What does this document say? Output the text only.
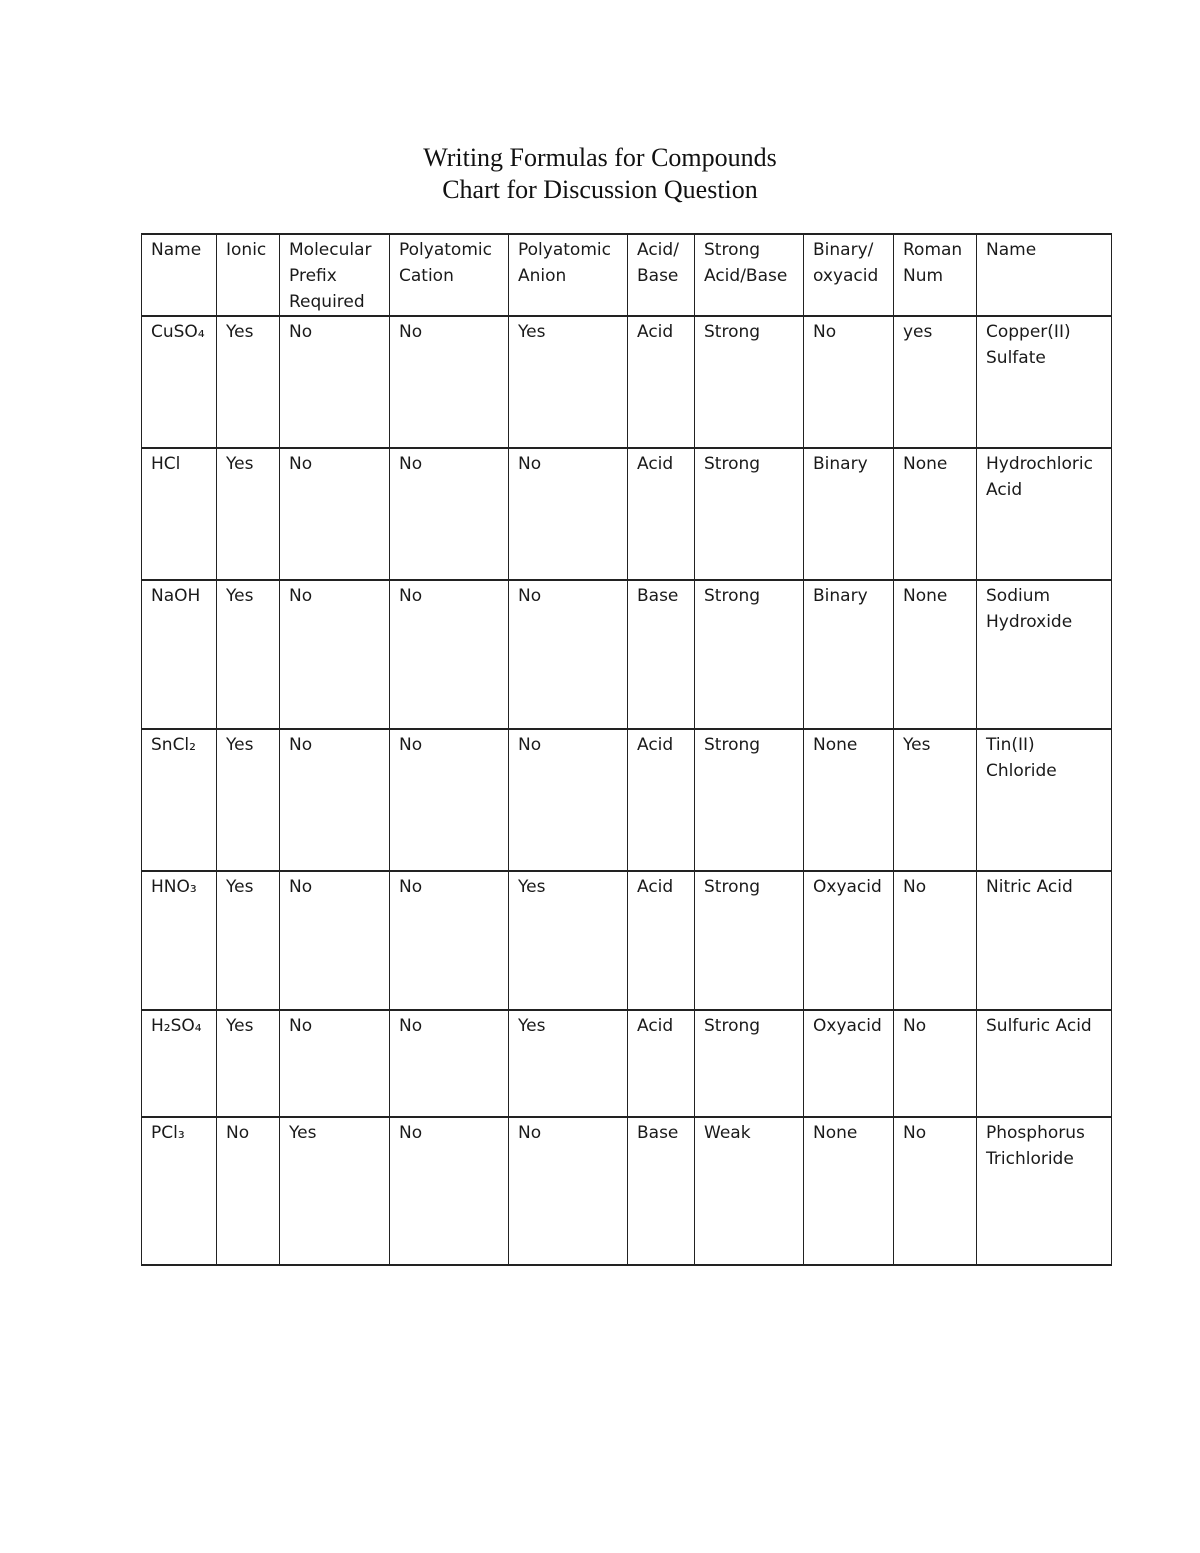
Writing Formulas for Compounds
Chart for Discussion Question
Name	Ionic	Molecular Prefix Required	Polyatomic Cation	Polyatomic Anion	Acid/ Base	Strong Acid/Base	Binary/ oxyacid	Roman Num	Name
CuSO₄	Yes	No	No	Yes	Acid	Strong	No	yes	Copper(II) Sulfate
HCl	Yes	No	No	No	Acid	Strong	Binary	None	Hydrochloric Acid
NaOH	Yes	No	No	No	Base	Strong	Binary	None	Sodium Hydroxide
SnCl₂	Yes	No	No	No	Acid	Strong	None	Yes	Tin(II) Chloride
HNO₃	Yes	No	No	Yes	Acid	Strong	Oxyacid	No	Nitric Acid
H₂SO₄	Yes	No	No	Yes	Acid	Strong	Oxyacid	No	Sulfuric Acid
PCl₃	No	Yes	No	No	Base	Weak	None	No	Phosphorus Trichloride
